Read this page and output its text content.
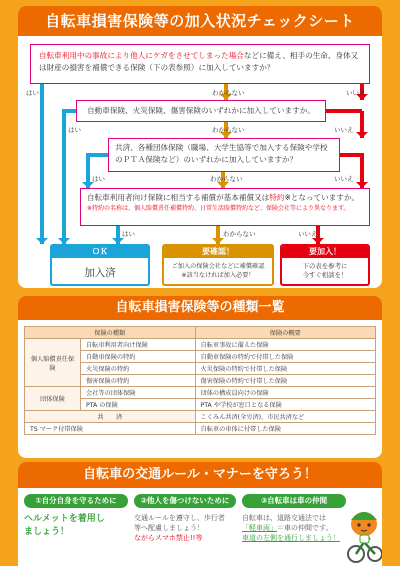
自転車損害保険等の加入状況チェックシート
自転車利用中の事故により他人にケガをさせてしまった場合などに備え、相手の生命、身体又は財産の損害を補償できる保険（下の表参照）に加入していますか？
自動車保険、火災保険、傷害保険のいずれかに加入していますか。
共済、各種団体保険（職場、大学生協等で加入する保険や学校のＰＴＡ保険など）のいずれかに加入していますか？
自転車利用者向け保険に相当する補償が基本補償又は特約※となっていますか。
※特約の名称は、個人賠償責任補償特約、日常生活賠償特約など、保険会社等により異なります。
はい	わからない	いいえ
はい	わからない	いいえ
はい	わからない	いいえ
はい	わからない	いいえ
ＯＫ
加入済
要確認！
ご加入の保険会社などに補償確認
※該当なければ加入必要！
要加入！
下の表を参考に
今すぐ相談を！
自転車損害保険等の種類一覧
保険の種類		保険の概要
個人賠償責任保険	自転車利用者向け保険	自転車事故に備えた保険
	自動車保険の特約	自動車保険の特約で付帯した保険
	火災保険の特約	火災保険の特約で付帯した保険
	傷害保険の特約	傷害保険の特約で付帯した保険
団体保険	会社等の団体保険	団体の構成員向けの保険
	PTA の保険	PTA や学校が窓口となる保険
共　　済		こくみん共済(全労済)、市民共済など
TS マーク付帯保険		自転車の車体に付帯した保険
自転車の交通ルール・マナーを守ろう！
①自分自身を守るために
ヘルメットを着用し
ましょう！
②他人を傷つけないために
交通ルールを遵守し、歩行者
等へ配慮しましょう！
ながらスマホ禁止!!等
③自転車は車の仲間
自転車は、道路交通法では
「軽車両」＝車の仲間です。
車道の左側を通行しましょう！
